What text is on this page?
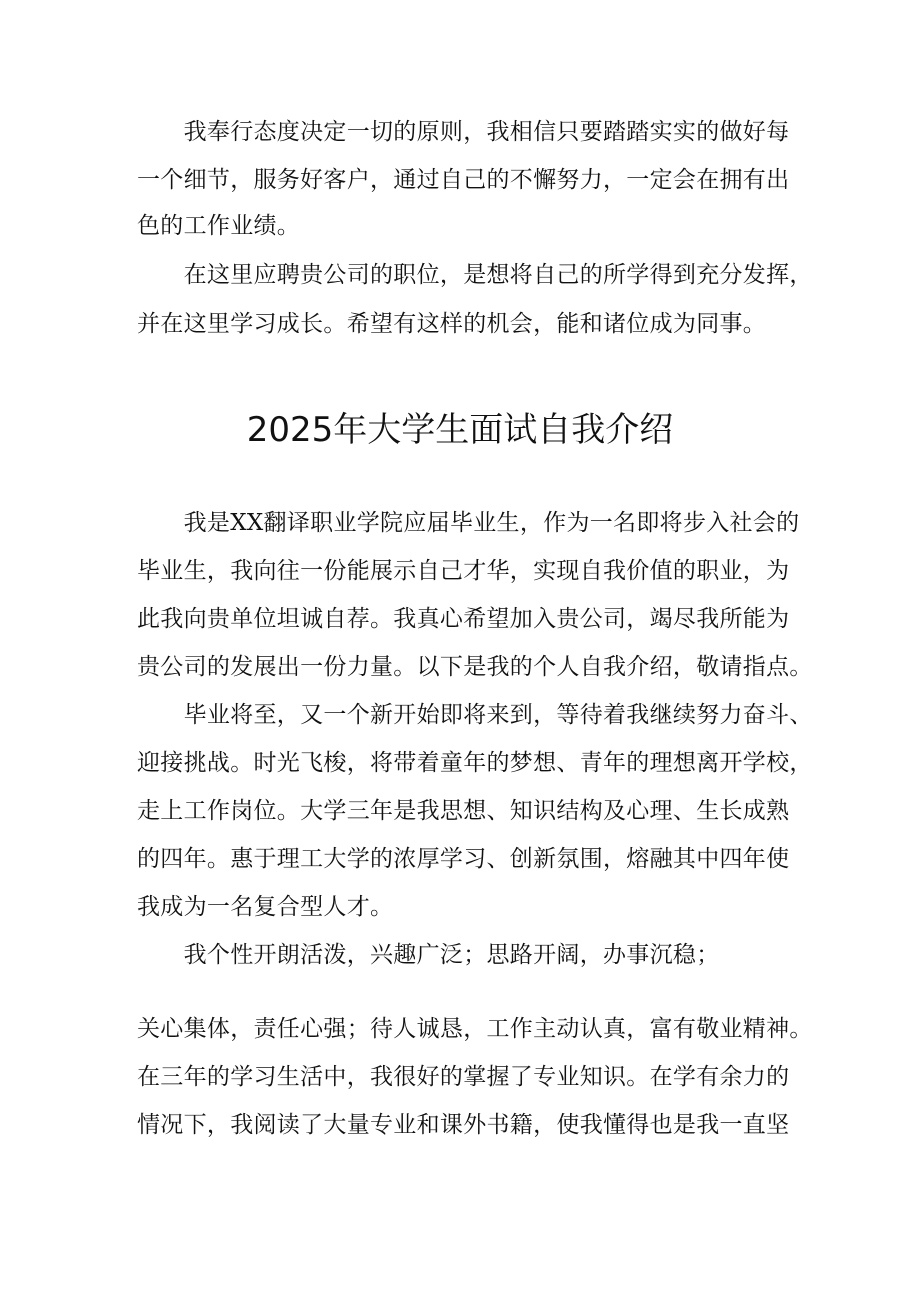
　　我奉行态度决定一切的原则，我相信只要踏踏实实的做好每
一个细节，服务好客户，通过自己的不懈努力，一定会在拥有出
色的工作业绩。
　　在这里应聘贵公司的职位，是想将自己的所学得到充分发挥，
并在这里学习成长。希望有这样的机会，能和诸位成为同事。
2025年大学生面试自我介绍
　　我是XX翻译职业学院应届毕业生，作为一名即将步入社会的
毕业生，我向往一份能展示自己才华，实现自我价值的职业，为
此我向贵单位坦诚自荐。我真心希望加入贵公司，竭尽我所能为
贵公司的发展出一份力量。以下是我的个人自我介绍，敬请指点。
　　毕业将至，又一个新开始即将来到，等待着我继续努力奋斗、
迎接挑战。时光飞梭，将带着童年的梦想、青年的理想离开学校，
走上工作岗位。大学三年是我思想、知识结构及心理、生长成熟
的四年。惠于理工大学的浓厚学习、创新氛围，熔融其中四年使
我成为一名复合型人才。
　　我个性开朗活泼，兴趣广泛；思路开阔，办事沉稳；
关心集体，责任心强；待人诚恳，工作主动认真，富有敬业精神。
在三年的学习生活中，我很好的掌握了专业知识。在学有余力的
情况下，我阅读了大量专业和课外书籍，使我懂得也是我一直坚
